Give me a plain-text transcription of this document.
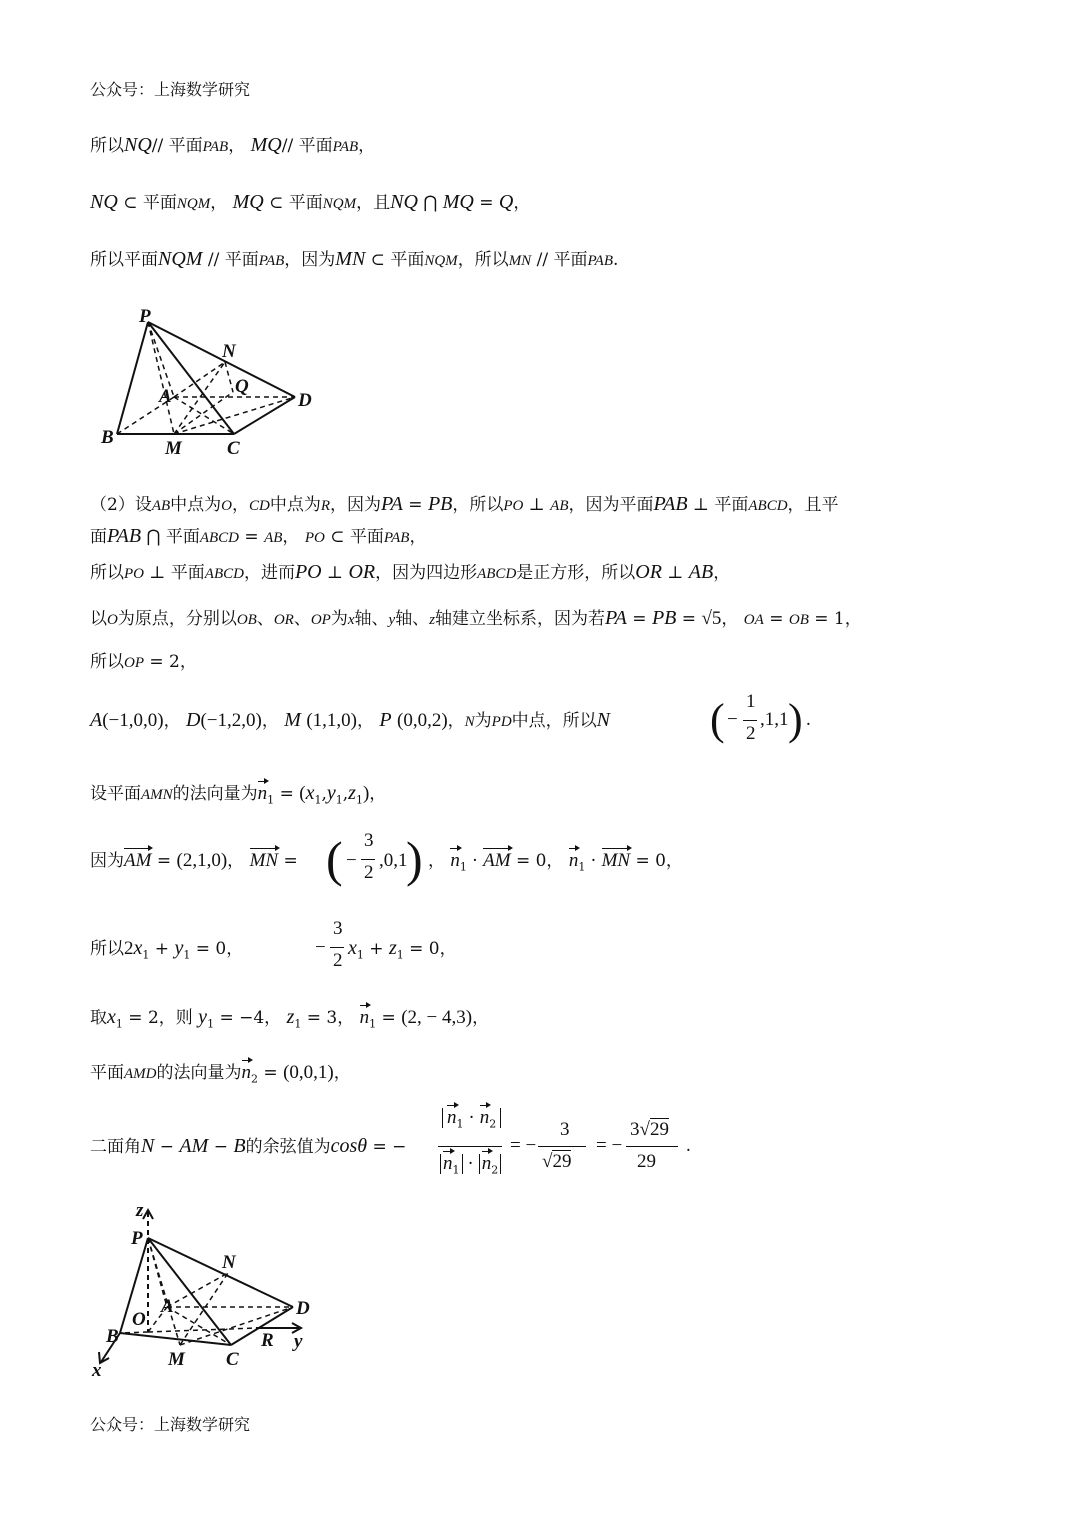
公众号：上海数学研究
所以NQ// 平面PAB， MQ// 平面PAB，
NQ ⊂ 平面NQM， MQ ⊂ 平面NQM，且NQ ⋂ MQ = Q，
所以平面NQM // 平面PAB，因为MN ⊂ 平面NQM，所以MN // 平面PAB.
P
N
Q
A	D
B
M C
（2）设AB中点为O，CD中点为R，因为PA = PB，所以PO ⊥ AB，因为平面PAB ⊥ 平面ABCD，且平
面PAB ⋂ 平面ABCD = AB， PO ⊂ 平面PAB，
所以PO ⊥ 平面ABCD，进而PO ⊥ OR，因为四边形ABCD是正方形，所以OR ⊥ AB，
以O为原点，分别以OB、OR、OP为x轴、y轴、z轴建立坐标系，因为若PA = PB = √5， OA = OB = 1，
所以OP = 2，
A(−1,0,0)， D(−1,2,0)， M (1,1,0)， P (0,0,2)，N为PD中点，所以N ( −
1
2
,1,1 ) .
设平面AMN的法向量为$n_1 = (x_1,y_1,z_1)$，
因为AM = (2,1,0)， MN = ( −
3
2
,0,1
) ， $n_1$ · AM = 0， $n_1$ · MN = 0，
所以$2x_1 + y_1 = 0$，	−
3
2
$x_1 + z_1 = 0$，
取$x_1 = 2$，则 $y_1 = -4$， $z_1 = 3$， $n_1 = (2$, − 4,3)，
平面AMD的法向量为$n_2 = (0,0,1)$，
二面角N − AM − B的余弦值为cosθ = −
$n_1 \cdot n_2$
$n_1 \cdot n_2$
= −
3
√29
= −
3√29
29
.
z
P
N
A	D
O
B	R y
x
M C
公众号：上海数学研究
